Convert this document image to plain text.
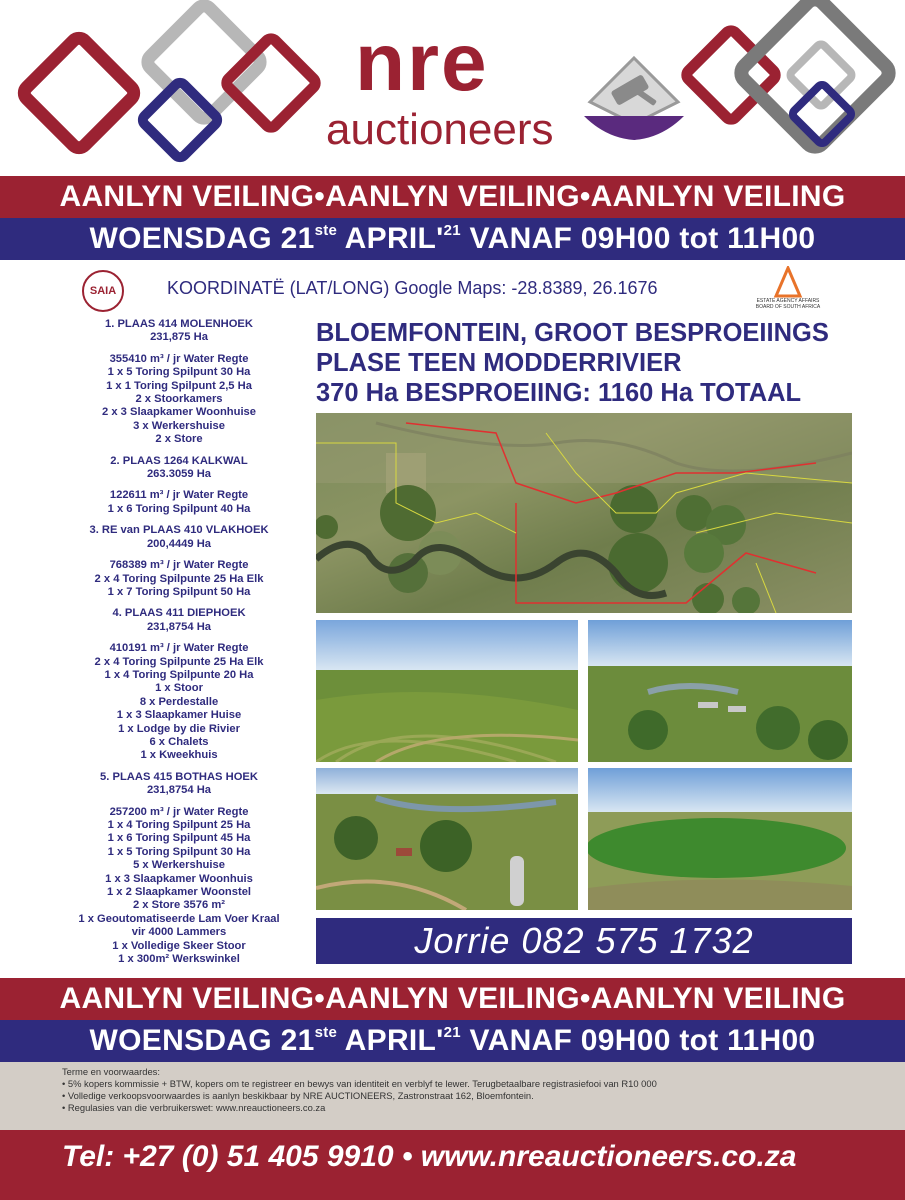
nre
auctioneers
AANLYN VEILING•AANLYN VEILING•AANLYN VEILING
WOENSDAG 21ste $APRIL'^{21}$ VANAF 09H00 tot 11H00
SAIA	KOORDINATË (LAT/LONG) Google Maps: -28.8389, 26.1676
ESTATE AGENCY AFFAIRS BOARD OF SOUTH AFRICA
1. PLAAS 414 MOLENHOEK
231,875 Ha
355410 m³ / jr Water Regte
1 x 5 Toring Spilpunt 30 Ha
1 x 1 Toring Spilpunt 2,5 Ha
2 x Stoorkamers
2 x 3 Slaapkamer Woonhuise
3 x Werkershuise
2 x Store
2. PLAAS 1264 KALKWAL
263.3059 Ha
122611 m³ / jr Water Regte
1 x 6 Toring Spilpunt 40 Ha
3. RE van PLAAS 410 VLAKHOEK
200,4449 Ha
768389 m³ / jr Water Regte
2 x 4 Toring Spilpunte 25 Ha Elk
1 x 7 Toring Spilpunt 50 Ha
4. PLAAS 411 DIEPHOEK
231,8754 Ha
410191 m³ / jr Water Regte
2 x 4 Toring Spilpunte 25 Ha Elk
1 x 4 Toring Spilpunte 20 Ha
1 x Stoor
8 x Perdestalle
1 x 3 Slaapkamer Huise
1 x Lodge by die Rivier
6 x Chalets
1 x Kweekhuis
5. PLAAS 415 BOTHAS HOEK
231,8754 Ha
257200 m³ / jr Water Regte
1 x 4 Toring Spilpunt 25 Ha
1 x 6 Toring Spilpunt 45 Ha
1 x 5 Toring Spilpunt 30 Ha
5 x Werkershuise
1 x 3 Slaapkamer Woonhuis
1 x 2 Slaapkamer Woonstel
2 x Store 3576 m²
1 x Geoutomatiseerde Lam Voer Kraal
vir 4000 Lammers
1 x Volledige Skeer Stoor
1 x 300m² Werkswinkel
BLOEMFONTEIN, GROOT BESPROEIINGS
PLASE TEEN MODDERRIVIER
370 Ha BESPROEIING: 1160 Ha TOTAAL
Jorrie 082 575 1732
AANLYN VEILING•AANLYN VEILING•AANLYN VEILING
WOENSDAG 21ste $APRIL'^{21}$ VANAF 09H00 tot 11H00
Terme en voorwaardes:
• 5% kopers kommissie + BTW, kopers om te registreer en bewys van identiteit en verblyf te lewer. Terugbetaalbare registrasiefooi van R10 000
• Volledige verkoopsvoorwaardes is aanlyn beskikbaar by NRE AUCTIONEERS, Zastronstraat 162, Bloemfontein.
• Regulasies van die verbruikerswet: www.nreauctioneers.co.za
Tel: +27 (0) 51 405 9910 • www.nreauctioneers.co.za
